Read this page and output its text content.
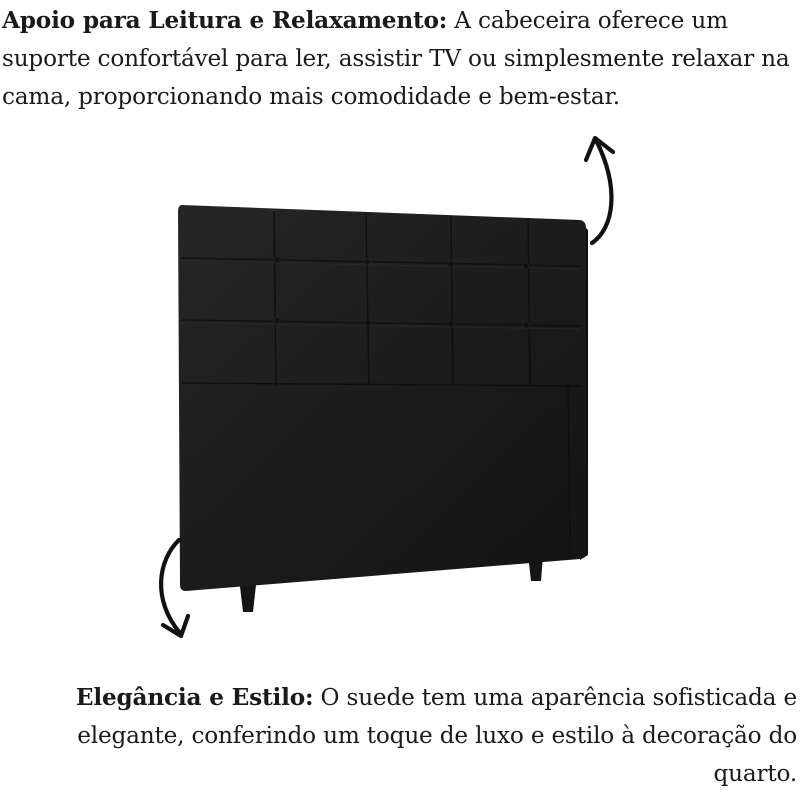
Apoio para Leitura e Relaxamento: A cabeceira oferece um suporte confortável para ler, assistir TV ou simplesmente relaxar na cama, proporcionando mais comodidade e bem-estar.
Elegância e Estilo: O suede tem uma aparência sofisticada e elegante, conferindo um toque de luxo e estilo à decoração do quarto.
